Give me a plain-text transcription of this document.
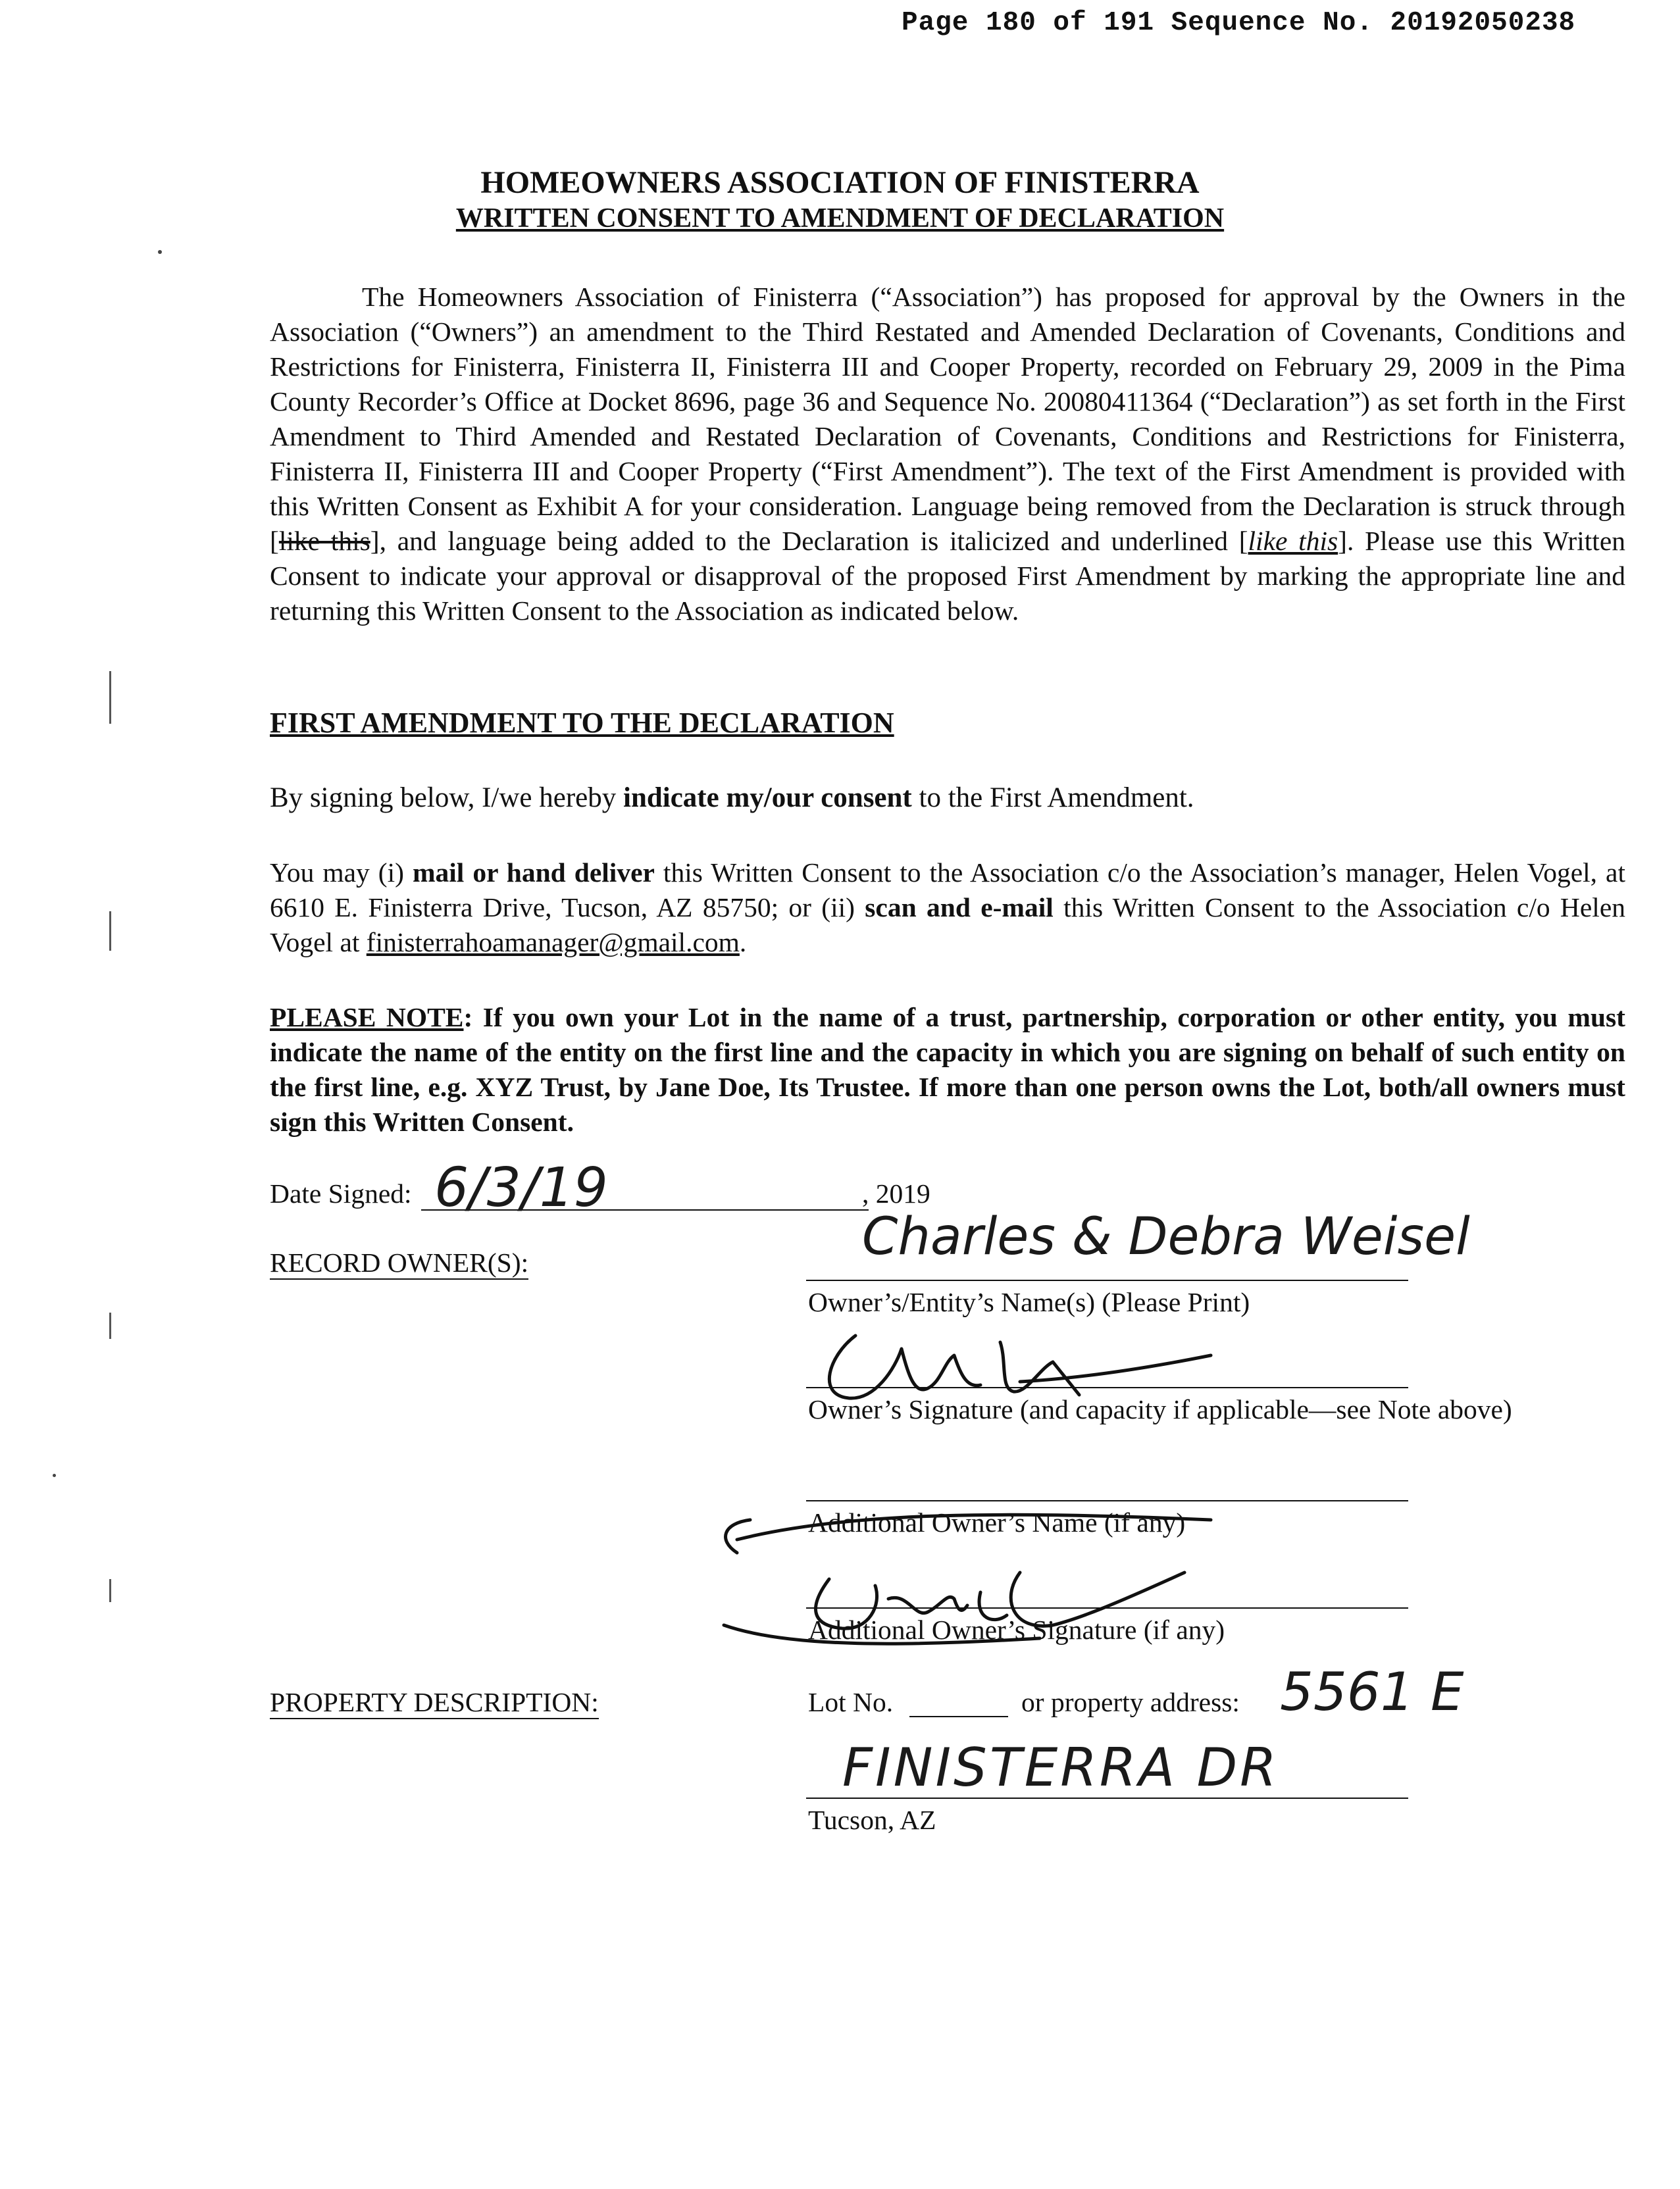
Page 180 of 191 Sequence No. 20192050238
HOMEOWNERS ASSOCIATION OF FINISTERRA
WRITTEN CONSENT TO AMENDMENT OF DECLARATION
The Homeowners Association of Finisterra (“Association”) has proposed for approval by the Owners in the Association (“Owners”) an amendment to the Third Restated and Amended Declaration of Covenants, Conditions and Restrictions for Finisterra, Finisterra II, Finisterra III and Cooper Property, recorded on February 29, 2009 in the Pima County Recorder’s Office at Docket 8696, page 36 and Sequence No. 20080411364 (“Declaration”) as set forth in the First Amendment to Third Amended and Restated Declaration of Covenants, Conditions and Restrictions for Finisterra, Finisterra II, Finisterra III and Cooper Property (“First Amendment”). The text of the First Amendment is provided with this Written Consent as Exhibit A for your consideration. Language being removed from the Declaration is struck through [like this], and language being added to the Declaration is italicized and underlined [like this]. Please use this Written Consent to indicate your approval or disapproval of the proposed First Amendment by marking the appropriate line and returning this Written Consent to the Association as indicated below.
FIRST AMENDMENT TO THE DECLARATION
By signing below, I/we hereby indicate my/our consent to the First Amendment.
You may (i) mail or hand deliver this Written Consent to the Association c/o the Association’s manager, Helen Vogel, at 6610 E. Finisterra Drive, Tucson, AZ 85750; or (ii) scan and e-mail this Written Consent to the Association c/o Helen Vogel at finisterrahoamanager@gmail.com.
PLEASE NOTE: If you own your Lot in the name of a trust, partnership, corporation or other entity, you must indicate the name of the entity on the first line and the capacity in which you are signing on behalf of such entity on the first line, e.g. XYZ Trust, by Jane Doe, Its Trustee. If more than one person owns the Lot, both/all owners must sign this Written Consent.
Date Signed: 6/3/19	, 2019
RECORD OWNER(S):	Charles & Debra Weisel
Owner’s/Entity’s Name(s) (Please Print)
Owner’s Signature (and capacity if applicable—see Note above)
Additional Owner’s Name (if any)
Additional Owner’s Signature (if any)
PROPERTY DESCRIPTION:	Lot No.	or property address: 5561 E
FINISTERRA DR
Tucson, AZ
